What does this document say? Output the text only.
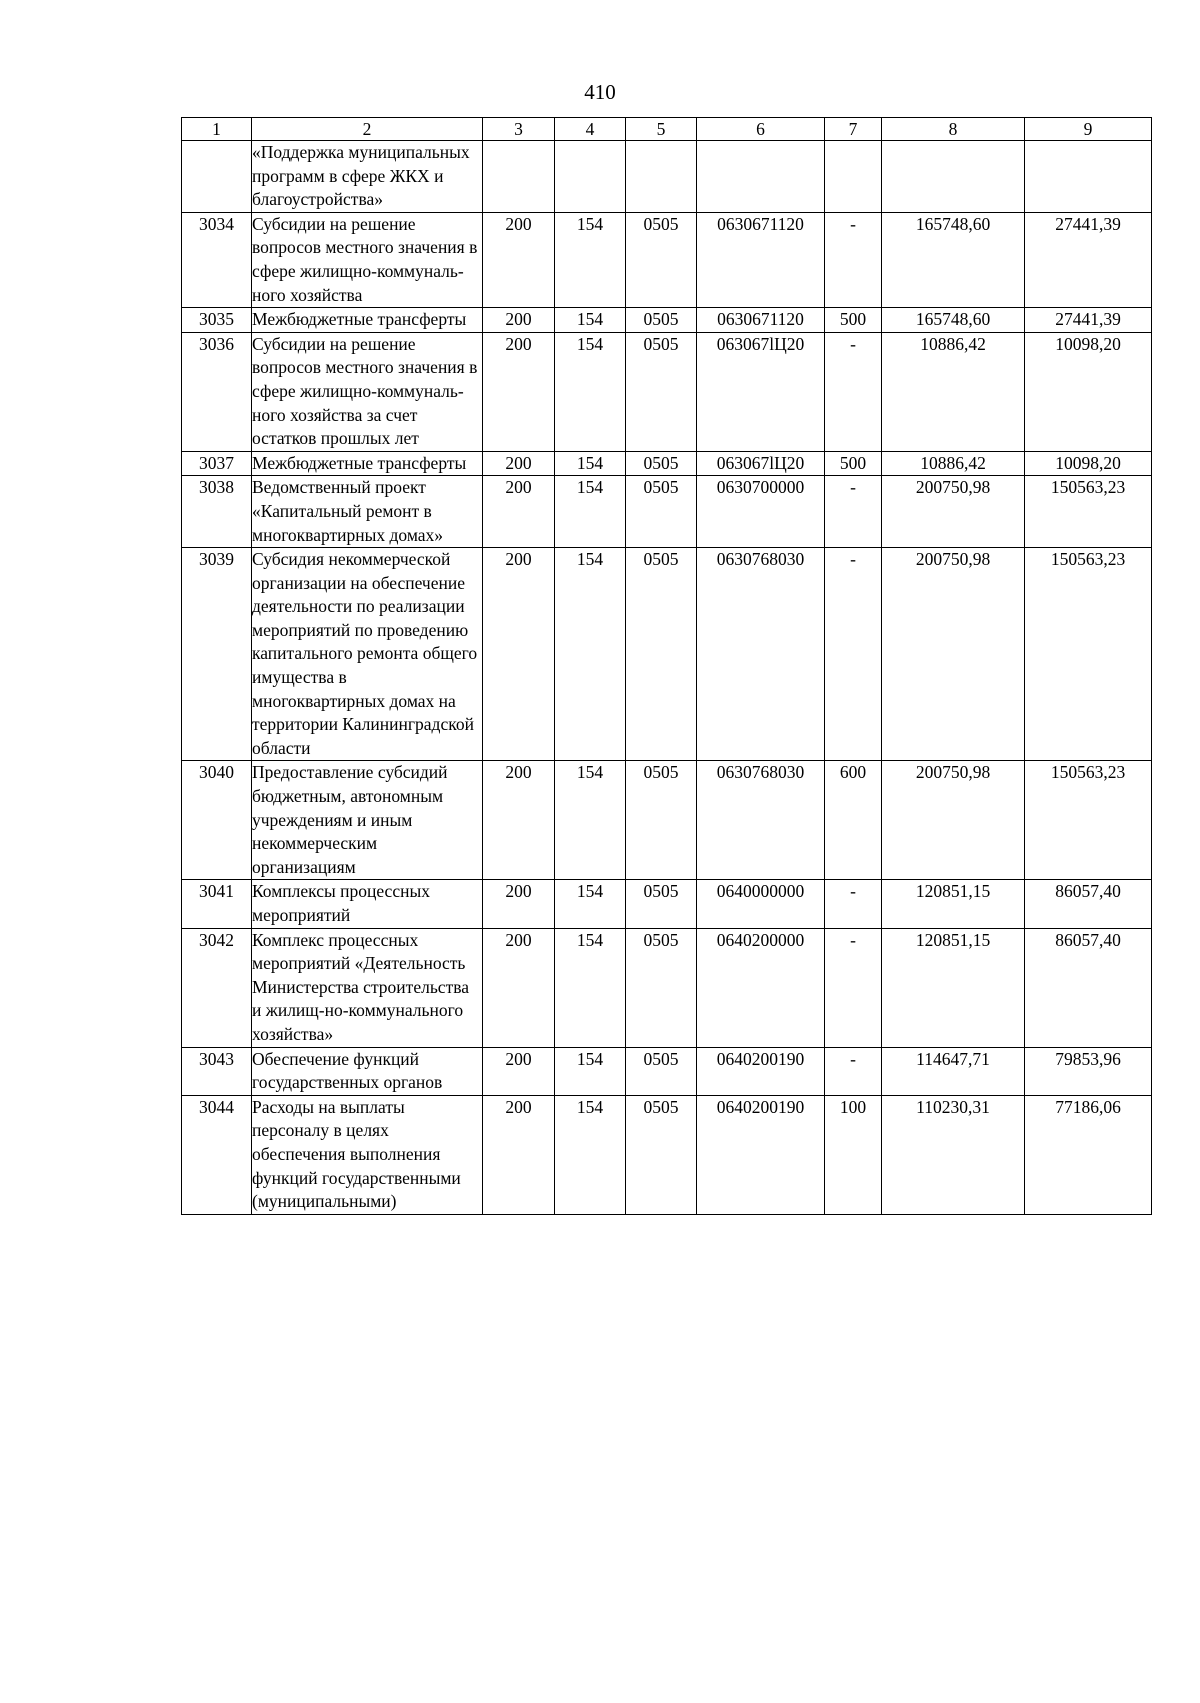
410
1	2	3	4	5	6	7	8	9
	«Поддержка муниципальных программ в сфере ЖКХ и благоустройства»							
3034	Субсидии на решение вопросов местного значения в сфере жилищно-коммуналь-ного хозяйства	200	154	0505	0630671120	-	165748,60	27441,39
3035	Межбюджетные трансферты	200	154	0505	0630671120	500	165748,60	27441,39
3036	Субсидии на решение вопросов местного значения в сфере жилищно-коммуналь-ного хозяйства за счет остатков прошлых лет	200	154	0505	063067lЦ20	-	10886,42	10098,20
3037	Межбюджетные трансферты	200	154	0505	063067lЦ20	500	10886,42	10098,20
3038	Ведомственный проект «Капитальный ремонт в многоквартирных домах»	200	154	0505	0630700000	-	200750,98	150563,23
3039	Субсидия некоммерческой организации на обеспечение деятельности по реализации мероприятий по проведению капитального ремонта общего имущества в многоквартирных домах на территории Калининградской области	200	154	0505	0630768030	-	200750,98	150563,23
3040	Предоставление субсидий бюджетным, автономным учреждениям и иным некоммерческим организациям	200	154	0505	0630768030	600	200750,98	150563,23
3041	Комплексы процессных мероприятий	200	154	0505	0640000000	-	120851,15	86057,40
3042	Комплекс процессных мероприятий «Деятельность Министерства строительства и жилищ-но-коммунального хозяйства»	200	154	0505	0640200000	-	120851,15	86057,40
3043	Обеспечение функций государственных органов	200	154	0505	0640200190	-	114647,71	79853,96
3044	Расходы на выплаты персоналу в целях обеспечения выполнения функций государственными (муниципальными)	200	154	0505	0640200190	100	110230,31	77186,06
